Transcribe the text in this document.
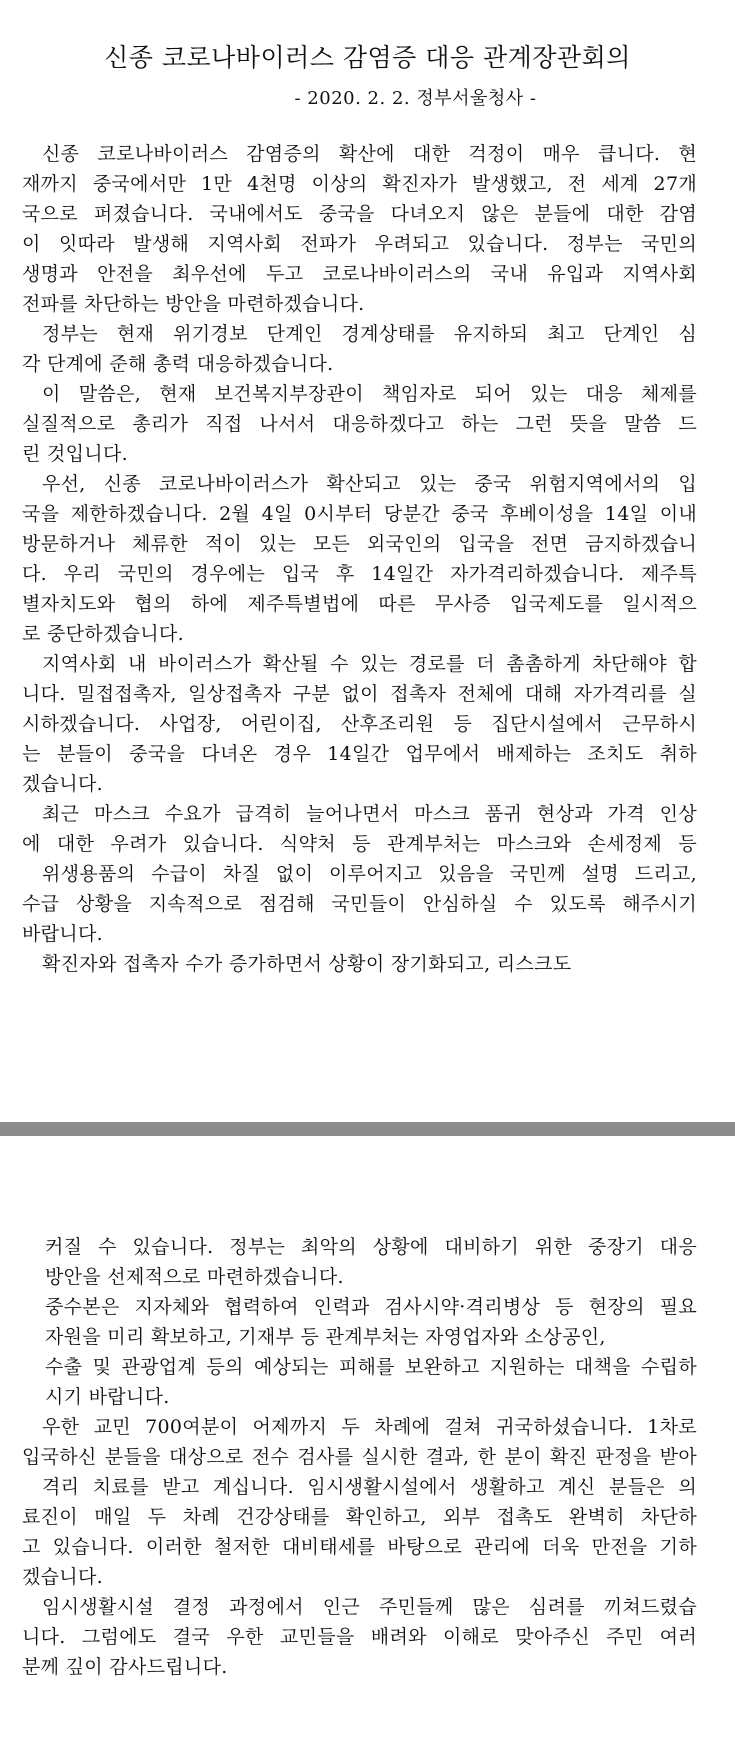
신종 코로나바이러스 감염증 대응 관계장관회의
- 2020. 2. 2. 정부서울청사 -
신종 코로나바이러스 감염증의 확산에 대한 걱정이 매우 큽니다. 현
재까지 중국에서만 1만 4천명 이상의 확진자가 발생했고, 전 세계 27개
국으로 퍼졌습니다. 국내에서도 중국을 다녀오지 않은 분들에 대한 감염
이 잇따라 발생해 지역사회 전파가 우려되고 있습니다. 정부는 국민의
생명과 안전을 최우선에 두고 코로나바이러스의 국내 유입과 지역사회
전파를 차단하는 방안을 마련하겠습니다.
정부는 현재 위기경보 단계인 경계상태를 유지하되 최고 단계인 심
각 단계에 준해 총력 대응하겠습니다.
이 말씀은, 현재 보건복지부장관이 책임자로 되어 있는 대응 체제를
실질적으로 총리가 직접 나서서 대응하겠다고 하는 그런 뜻을 말씀 드
린 것입니다.
우선, 신종 코로나바이러스가 확산되고 있는 중국 위험지역에서의 입
국을 제한하겠습니다. 2월 4일 0시부터 당분간 중국 후베이성을 14일 이내
방문하거나 체류한 적이 있는 모든 외국인의 입국을 전면 금지하겠습니
다. 우리 국민의 경우에는 입국 후 14일간 자가격리하겠습니다. 제주특
별자치도와 협의 하에 제주특별법에 따른 무사증 입국제도를 일시적으
로 중단하겠습니다.
지역사회 내 바이러스가 확산될 수 있는 경로를 더 촘촘하게 차단해야 합
니다. 밀접접촉자, 일상접촉자 구분 없이 접촉자 전체에 대해 자가격리를 실
시하겠습니다. 사업장, 어린이집, 산후조리원 등 집단시설에서 근무하시
는 분들이 중국을 다녀온 경우 14일간 업무에서 배제하는 조치도 취하
겠습니다.
최근 마스크 수요가 급격히 늘어나면서 마스크 품귀 현상과 가격 인상
에 대한 우려가 있습니다. 식약처 등 관계부처는 마스크와 손세정제 등
위생용품의 수급이 차질 없이 이루어지고 있음을 국민께 설명 드리고,
수급 상황을 지속적으로 점검해 국민들이 안심하실 수 있도록 해주시기
바랍니다.
확진자와 접촉자 수가 증가하면서 상황이 장기화되고, 리스크도
커질 수 있습니다. 정부는 최악의 상황에 대비하기 위한 중장기 대응
방안을 선제적으로 마련하겠습니다.
중수본은 지자체와 협력하여 인력과 검사시약·격리병상 등 현장의 필요
자원을 미리 확보하고, 기재부 등 관계부처는 자영업자와 소상공인,
수출 및 관광업계 등의 예상되는 피해를 보완하고 지원하는 대책을 수립하
시기 바랍니다.
우한 교민 700여분이 어제까지 두 차례에 걸쳐 귀국하셨습니다. 1차로
입국하신 분들을 대상으로 전수 검사를 실시한 결과, 한 분이 확진 판정을 받아
격리 치료를 받고 계십니다. 임시생활시설에서 생활하고 계신 분들은 의
료진이 매일 두 차례 건강상태를 확인하고, 외부 접촉도 완벽히 차단하
고 있습니다. 이러한 철저한 대비태세를 바탕으로 관리에 더욱 만전을 기하
겠습니다.
임시생활시설 결정 과정에서 인근 주민들께 많은 심려를 끼쳐드렸습
니다. 그럼에도 결국 우한 교민들을 배려와 이해로 맞아주신 주민 여러
분께 깊이 감사드립니다.
